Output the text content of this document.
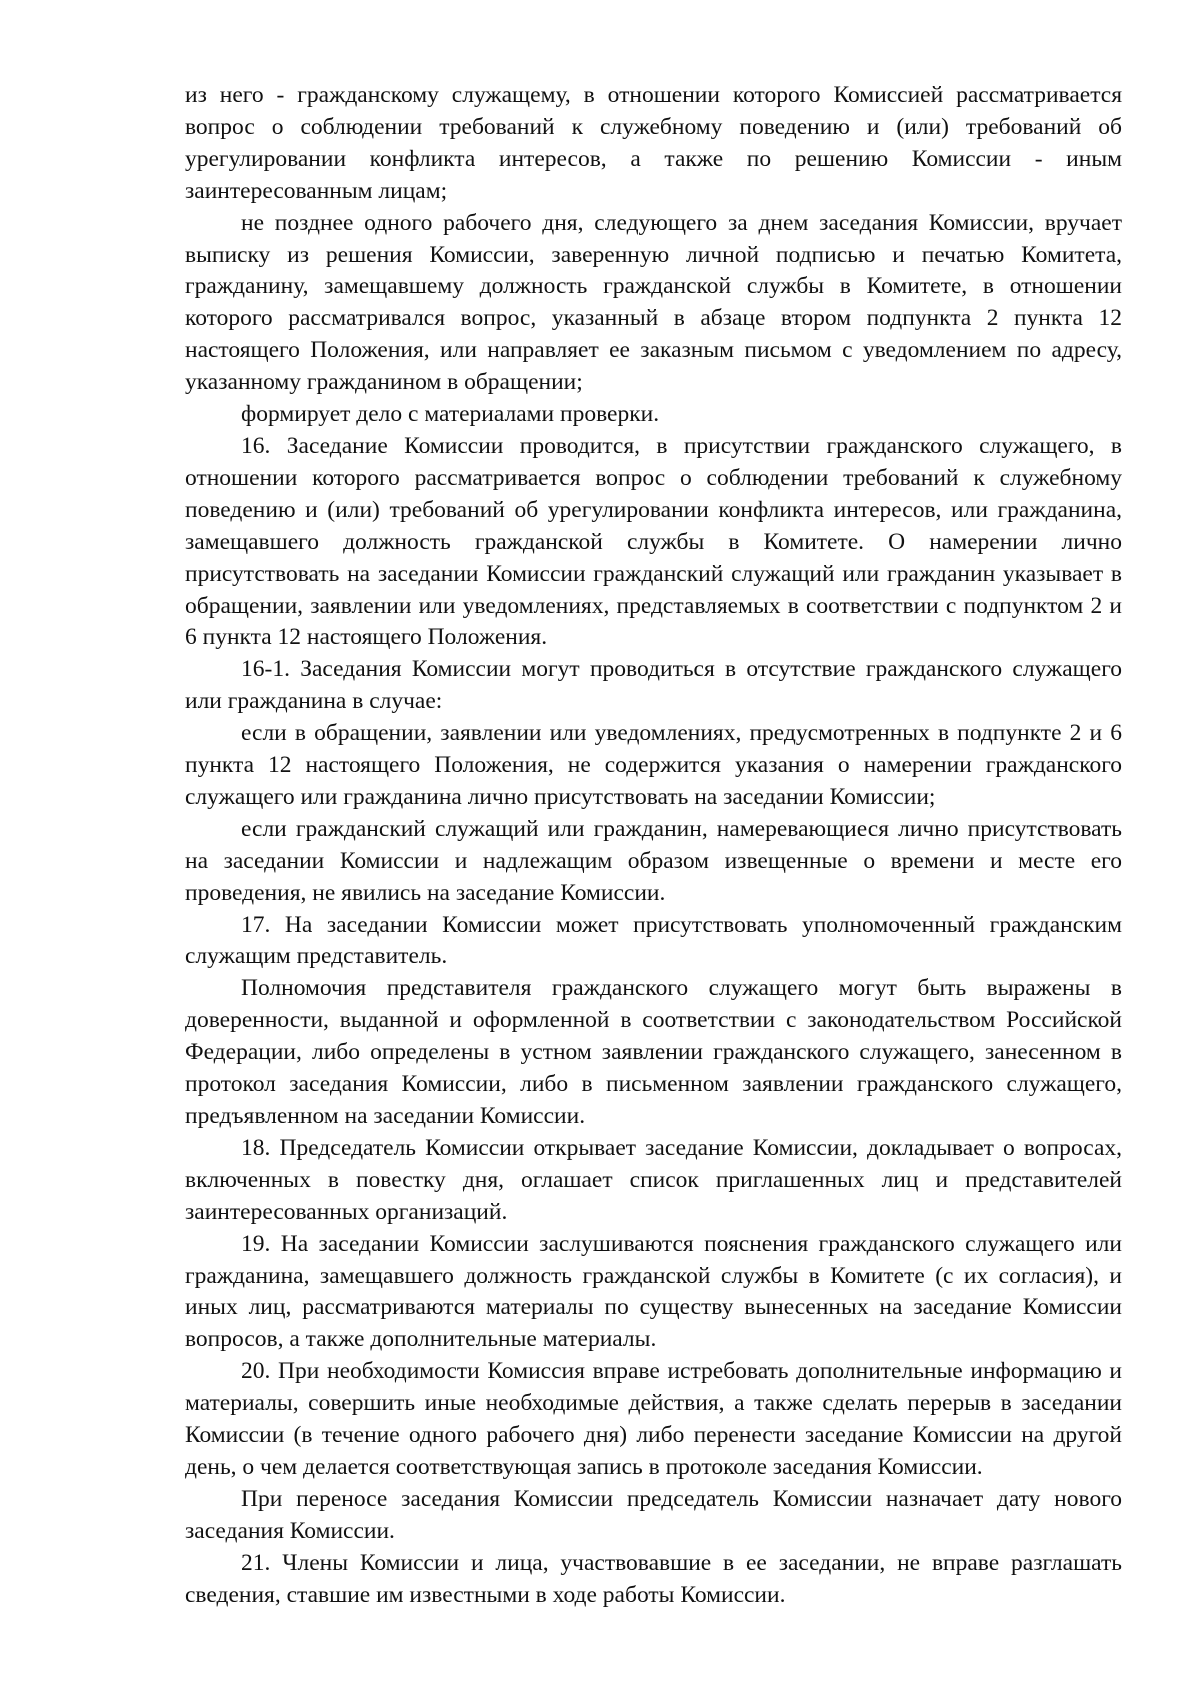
из него - гражданскому служащему, в отношении которого Комиссией рассматривается вопрос о соблюдении требований к служебному поведению и (или) требований об урегулировании конфликта интересов, а также по решению Комиссии - иным заинтересованным лицам;

не позднее одного рабочего дня, следующего за днем заседания Комиссии, вручает выписку из решения Комиссии, заверенную личной подписью и печатью Комитета, гражданину, замещавшему должность гражданской службы в Комитете, в отношении которого рассматривался вопрос, указанный в абзаце втором подпункта 2 пункта 12 настоящего Положения, или направляет ее заказным письмом с уведомлением по адресу, указанному гражданином в обращении;

формирует дело с материалами проверки.

16. Заседание Комиссии проводится, в присутствии гражданского служащего, в отношении которого рассматривается вопрос о соблюдении требований к служебному поведению и (или) требований об урегулировании конфликта интересов, или гражданина, замещавшего должность гражданской службы в Комитете. О намерении лично присутствовать на заседании Комиссии гражданский служащий или гражданин указывает в обращении, заявлении или уведомлениях, представляемых в соответствии с подпунктом 2 и 6 пункта 12 настоящего Положения.

16-1. Заседания Комиссии могут проводиться в отсутствие гражданского служащего или гражданина в случае:

если в обращении, заявлении или уведомлениях, предусмотренных в подпункте 2 и 6 пункта 12 настоящего Положения, не содержится указания о намерении гражданского служащего или гражданина лично присутствовать на заседании Комиссии;

если гражданский служащий или гражданин, намеревающиеся лично присутствовать на заседании Комиссии и надлежащим образом извещенные о времени и месте его проведения, не явились на заседание Комиссии.

17. На заседании Комиссии может присутствовать уполномоченный гражданским служащим представитель.

Полномочия представителя гражданского служащего могут быть выражены в доверенности, выданной и оформленной в соответствии с законодательством Российской Федерации, либо определены в устном заявлении гражданского служащего, занесенном в протокол заседания Комиссии, либо в письменном заявлении гражданского служащего, предъявленном на заседании Комиссии.

18. Председатель Комиссии открывает заседание Комиссии, докладывает о вопросах, включенных в повестку дня, оглашает список приглашенных лиц и представителей заинтересованных организаций.

19. На заседании Комиссии заслушиваются пояснения гражданского служащего или гражданина, замещавшего должность гражданской службы в Комитете (с их согласия), и иных лиц, рассматриваются материалы по существу вынесенных на заседание Комиссии вопросов, а также дополнительные материалы.

20. При необходимости Комиссия вправе истребовать дополнительные информацию и материалы, совершить иные необходимые действия, а также сделать перерыв в заседании Комиссии (в течение одного рабочего дня) либо перенести заседание Комиссии на другой день, о чем делается соответствующая запись в протоколе заседания Комиссии.

При переносе заседания Комиссии председатель Комиссии назначает дату нового заседания Комиссии.

21. Члены Комиссии и лица, участвовавшие в ее заседании, не вправе разглашать сведения, ставшие им известными в ходе работы Комиссии.
